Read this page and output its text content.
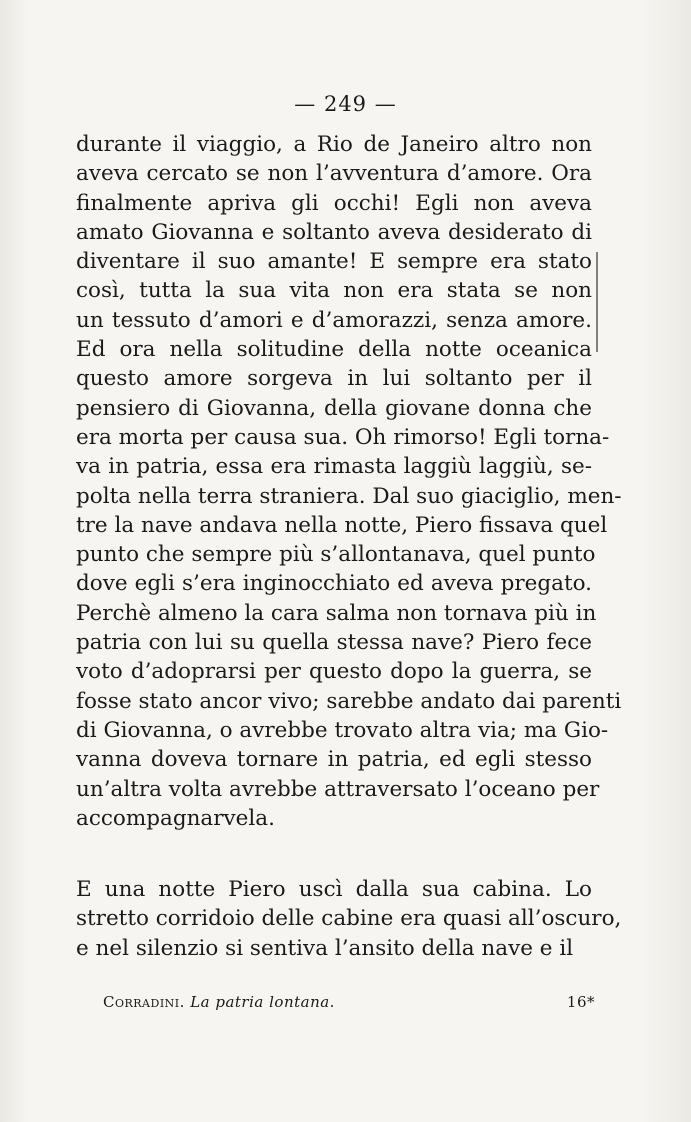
— 249 —

durante il viaggio, a Rio de Janeiro altro non
aveva cercato se non l’avventura d’amore. Ora
finalmente apriva gli occhi! Egli non aveva
amato Giovanna e soltanto aveva desiderato di
diventare il suo amante! E sempre era stato
così, tutta la sua vita non era stata se non
un tessuto d’amori e d’amorazzi, senza amore.
Ed ora nella solitudine della notte oceanica
questo amore sorgeva in lui soltanto per il
pensiero di Giovanna, della giovane donna che
era morta per causa sua. Oh rimorso! Egli torna-
va in patria, essa era rimasta laggiù laggiù, se-
polta nella terra straniera. Dal suo giaciglio, men-
tre la nave andava nella notte, Piero fissava quel
punto che sempre più s’allontanava, quel punto
dove egli s’era inginocchiato ed aveva pregato.
Perchè almeno la cara salma non tornava più in
patria con lui su quella stessa nave? Piero fece
voto d’adoprarsi per questo dopo la guerra, se
fosse stato ancor vivo; sarebbe andato dai parenti
di Giovanna, o avrebbe trovato altra via; ma Gio-
vanna doveva tornare in patria, ed egli stesso
un’altra volta avrebbe attraversato l’oceano per
accompagnarvela.

E una notte Piero uscì dalla sua cabina. Lo
stretto corridoio delle cabine era quasi all’oscuro,
e nel silenzio si sentiva l’ansito della nave e il

Corradini. La patria lontana.	16*
